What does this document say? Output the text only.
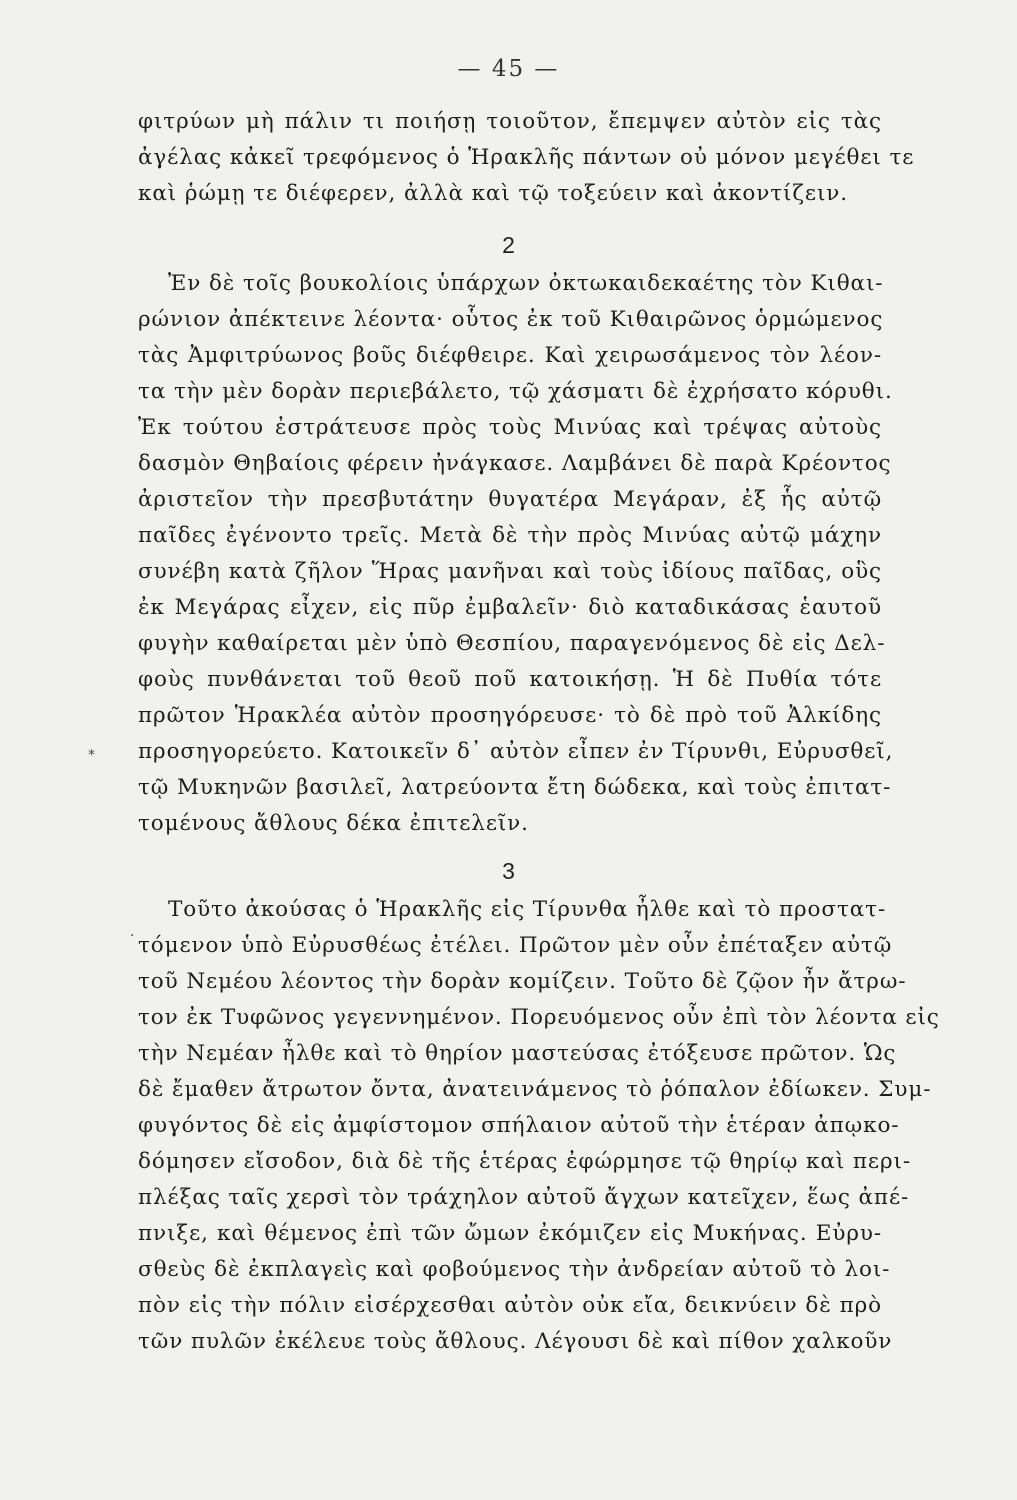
— 45 —
φιτρύων μὴ πάλιν τι ποιήσῃ τοιοῦτον, ἔπεμψεν αὐτὸν εἰς τὰς
ἀγέλας κἀκεῖ τρεφόμενος ὁ Ἡρακλῆς πάντων οὐ μόνον μεγέθει τε
καὶ ῥώμῃ τε διέφερεν, ἀλλὰ καὶ τῷ τοξεύειν καὶ ἀκοντίζειν.
2
Ἐν δὲ τοῖς βουκολίοις ὑπάρχων ὀκτωκαιδεκαέτης τὸν Κιθαι-
ρώνιον ἀπέκτεινε λέοντα· οὗτος ἐκ τοῦ Κιθαιρῶνος ὁρμώμενος
τὰς Ἀμφιτρύωνος βοῦς διέφθειρε. Καὶ χειρωσάμενος τὸν λέον-
τα τὴν μὲν δορὰν περιεβάλετο, τῷ χάσματι δὲ ἐχρήσατο κόρυθι.
Ἐκ τούτου ἐστράτευσε πρὸς τοὺς Μινύας καὶ τρέψας αὐτοὺς
δασμὸν Θηβαίοις φέρειν ἠνάγκασε. Λαμβάνει δὲ παρὰ Κρέοντος
ἀριστεῖον τὴν πρεσβυτάτην θυγατέρα Μεγάραν, ἐξ ἧς αὐτῷ
παῖδες ἐγένοντο τρεῖς. Μετὰ δὲ τὴν πρὸς Μινύας αὐτῷ μάχην
συνέβη κατὰ ζῆλον Ἥρας μανῆναι καὶ τοὺς ἰδίους παῖδας, οὓς
ἐκ Μεγάρας εἶχεν, εἰς πῦρ ἐμβαλεῖν· διὸ καταδικάσας ἑαυτοῦ
φυγὴν καθαίρεται μὲν ὑπὸ Θεσπίου, παραγενόμενος δὲ εἰς Δελ-
φοὺς πυνθάνεται τοῦ θεοῦ ποῦ κατοικήσῃ. Ἡ δὲ Πυθία τότε
πρῶτον Ἡρακλέα αὐτὸν προσηγόρευσε· τὸ δὲ πρὸ τοῦ Ἀλκίδης
προσηγορεύετο. Κατοικεῖν δ᾽ αὐτὸν εἶπεν ἐν Τίρυνθι, Εὐρυσθεῖ,
τῷ Μυκηνῶν βασιλεῖ, λατρεύοντα ἔτη δώδεκα, καὶ τοὺς ἐπιτατ-
τομένους ἄθλους δέκα ἐπιτελεῖν.
3
Τοῦτο ἀκούσας ὁ Ἡρακλῆς εἰς Τίρυνθα ἦλθε καὶ τὸ προστατ-
τόμενον ὑπὸ Εὐρυσθέως ἐτέλει. Πρῶτον μὲν οὖν ἐπέταξεν αὐτῷ
τοῦ Νεμέου λέοντος τὴν δορὰν κομίζειν. Τοῦτο δὲ ζῷον ἦν ἄτρω-
τον ἐκ Τυφῶνος γεγεννημένον. Πορευόμενος οὖν ἐπὶ τὸν λέοντα εἰς
τὴν Νεμέαν ἦλθε καὶ τὸ θηρίον μαστεύσας ἐτόξευσε πρῶτον. Ὡς
δὲ ἔμαθεν ἄτρωτον ὄντα, ἀνατεινάμενος τὸ ῥόπαλον ἐδίωκεν. Συμ-
φυγόντος δὲ εἰς ἀμφίστομον σπήλαιον αὐτοῦ τὴν ἑτέραν ἀπῳκο-
δόμησεν εἴσοδον, διὰ δὲ τῆς ἑτέρας ἐφώρμησε τῷ θηρίῳ καὶ περι-
πλέξας ταῖς χερσὶ τὸν τράχηλον αὐτοῦ ἄγχων κατεῖχεν, ἕως ἀπέ-
πνιξε, καὶ θέμενος ἐπὶ τῶν ὤμων ἐκόμιζεν εἰς Μυκήνας. Εὐρυ-
σθεὺς δὲ ἐκπλαγεὶς καὶ φοβούμενος τὴν ἀνδρείαν αὐτοῦ τὸ λοι-
πὸν εἰς τὴν πόλιν εἰσέρχεσθαι αὐτὸν οὐκ εἴα, δεικνύειν δὲ πρὸ
τῶν πυλῶν ἐκέλευε τοὺς ἄθλους. Λέγουσι δὲ καὶ πίθον χαλκοῦν
⁎
·
